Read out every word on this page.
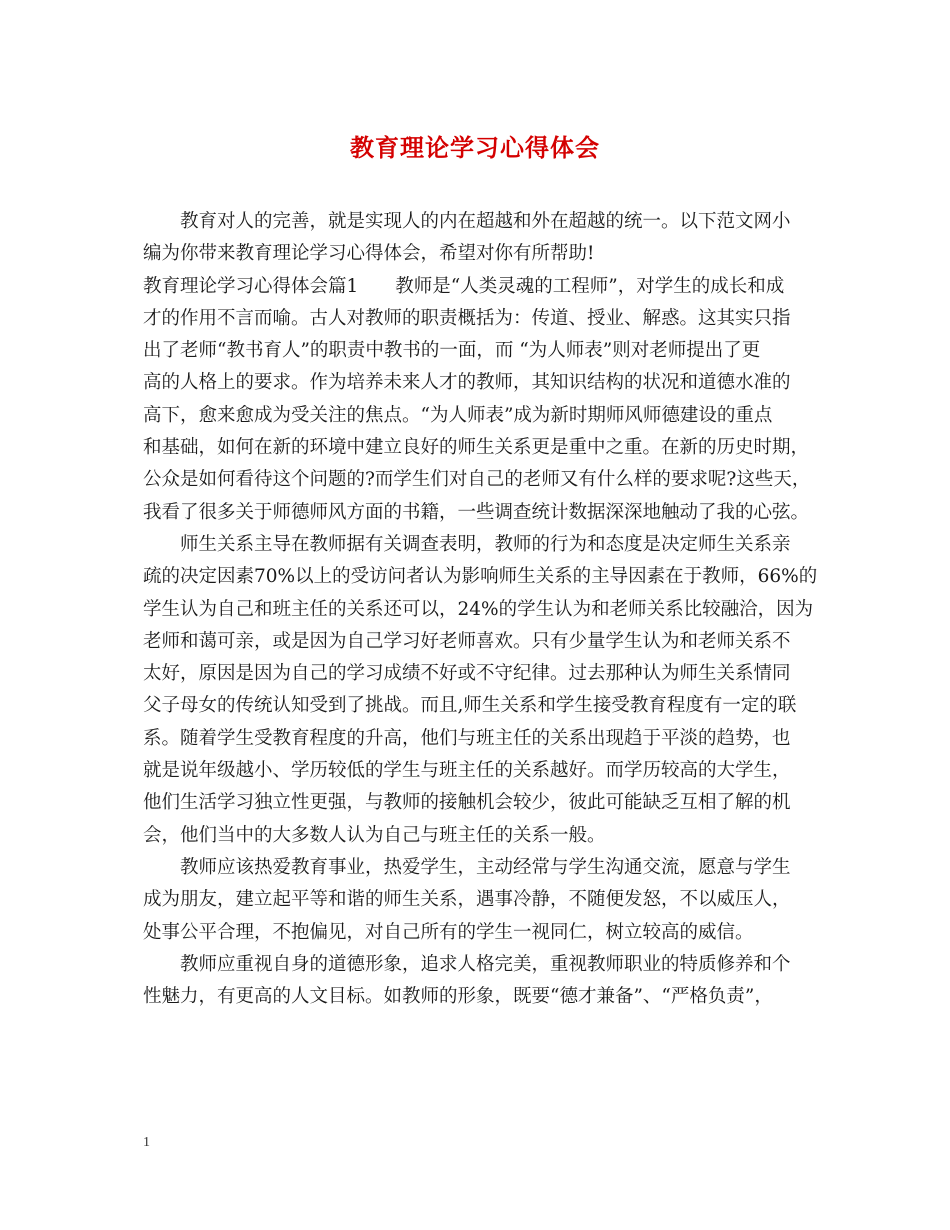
教育理论学习心得体会

教育对人的完善，就是实现人的内在超越和外在超越的统一。以下范文网小
编为你带来教育理论学习心得体会，希望对你有所帮助!

教育理论学习心得体会篇1　　教师是“人类灵魂的工程师”，对学生的成长和成
才的作用不言而喻。古人对教师的职责概括为：传道、授业、解惑。这其实只指
出了老师“教书育人”的职责中教书的一面，而 “为人师表”则对老师提出了更
高的人格上的要求。作为培养未来人才的教师，其知识结构的状况和道德水准的
高下，愈来愈成为受关注的焦点。“为人师表”成为新时期师风师德建设的重点
和基础，如何在新的环境中建立良好的师生关系更是重中之重。在新的历史时期，
公众是如何看待这个问题的?而学生们对自己的老师又有什么样的要求呢?这些天，
我看了很多关于师德师风方面的书籍，一些调查统计数据深深地触动了我的心弦。

师生关系主导在教师据有关调查表明，教师的行为和态度是决定师生关系亲
疏的决定因素70%以上的受访问者认为影响师生关系的主导因素在于教师，66%的
学生认为自己和班主任的关系还可以，24%的学生认为和老师关系比较融洽，因为
老师和蔼可亲，或是因为自己学习好老师喜欢。只有少量学生认为和老师关系不
太好，原因是因为自己的学习成绩不好或不守纪律。过去那种认为师生关系情同
父子母女的传统认知受到了挑战。而且,师生关系和学生接受教育程度有一定的联
系。随着学生受教育程度的升高，他们与班主任的关系出现趋于平淡的趋势，也
就是说年级越小、学历较低的学生与班主任的关系越好。而学历较高的大学生，
他们生活学习独立性更强，与教师的接触机会较少，彼此可能缺乏互相了解的机
会，他们当中的大多数人认为自己与班主任的关系一般。

教师应该热爱教育事业，热爱学生，主动经常与学生沟通交流，愿意与学生
成为朋友，建立起平等和谐的师生关系，遇事冷静，不随便发怒，不以威压人，
处事公平合理，不抱偏见，对自己所有的学生一视同仁，树立较高的威信。

教师应重视自身的道德形象，追求人格完美，重视教师职业的特质修养和个
性魅力，有更高的人文目标。如教师的形象，既要“德才兼备”、“严格负责”，

1
